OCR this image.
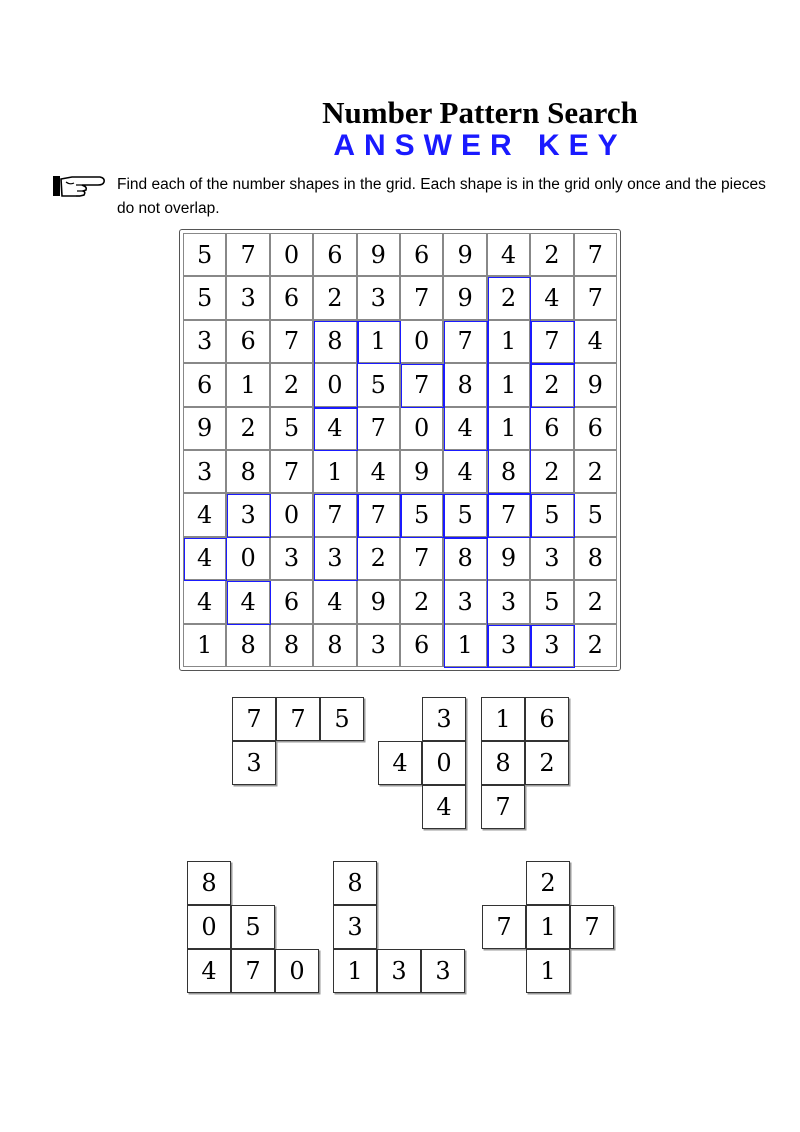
Number Pattern Search
ANSWER KEY
Find each of the number shapes in the grid. Each shape is in the grid only once and the pieces do not overlap.
5	7	0	6	9	6	9	4	2	7
5	3	6	2	3	7	9	2	4	7
3	6	7	8	1	0	7	1	7	4
6	1	2	0	5	7	8	1	2	9
9	2	5	4	7	0	4	1	6	6
3	8	7	1	4	9	4	8	2	2
4	3	0	7	7	5	5	7	5	5
4	0	3	3	2	7	8	9	3	8
4	4	6	4	9	2	3	3	5	2
1	8	8	8	3	6	1	3	3	2
7	7	5
3
3
4	0
4
1	6
8	2
7
8
0	5
4	7	0
8
3
1	3	3
2
7	1	7
1
